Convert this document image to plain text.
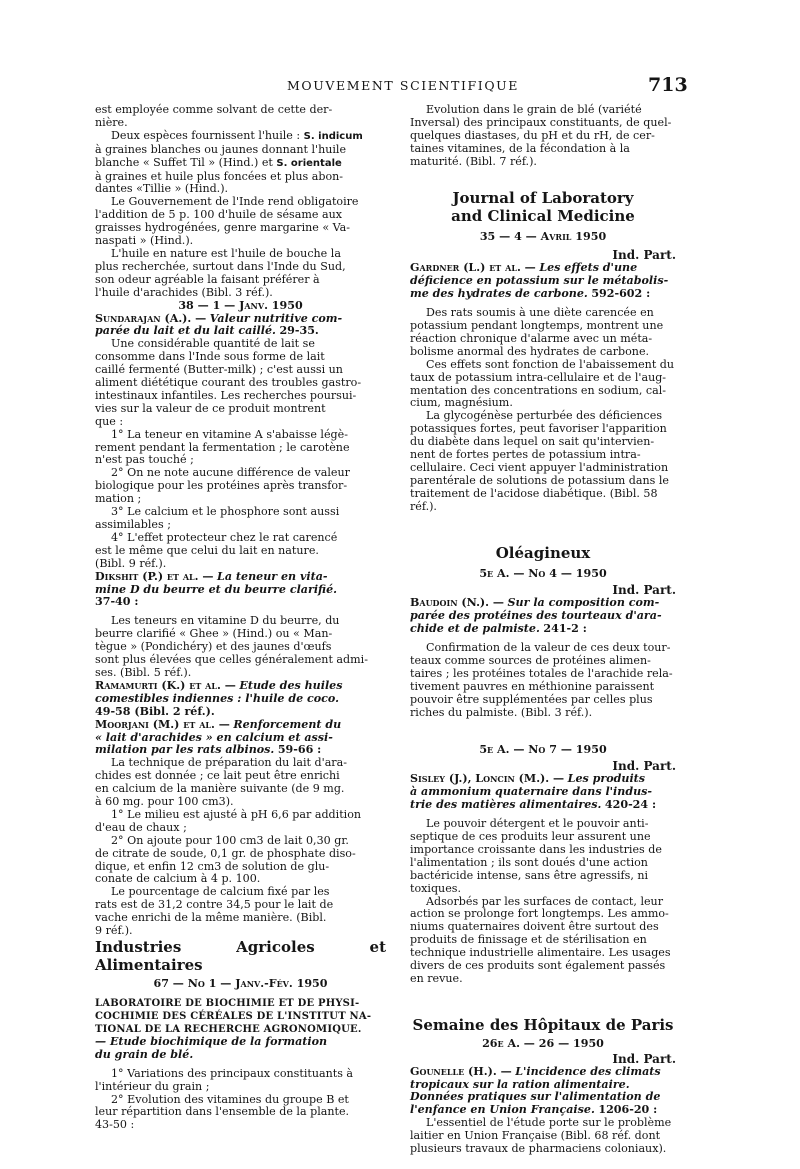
MOUVEMENT SCIENTIFIQUE	713

est employée comme solvant de cette der-

nière.

Deux espèces fournissent l'huile : S. indicum

à graines blanches ou jaunes donnant l'huile

blanche « Suffet Til » (Hind.) et S. orientale

à graines et huile plus foncées et plus abon-

dantes «Tillie » (Hind.).

Le Gouvernement de l'Inde rend obligatoire

l'addition de 5 p. 100 d'huile de sésame aux

graisses hydrogénées, genre margarine « Va-

naspati » (Hind.).

L'huile en nature est l'huile de bouche la

plus recherchée, surtout dans l'Inde du Sud,

son odeur agréable la faisant préférer à

l'huile d'arachides (Bibl. 3 réf.).

38 — 1 — Janv. 1950

Sundarajan (A.). — Valeur nutritive com-

parée du lait et du lait caillé. 29-35.

Une considérable quantité de lait se

consomme dans l'Inde sous forme de lait

caillé fermenté (Butter-milk) ; c'est aussi un

aliment diététique courant des troubles gastro-

intestinaux infantiles. Les recherches poursui-

vies sur la valeur de ce produit montrent

que :

1° La teneur en vitamine A s'abaisse légè-

rement pendant la fermentation ; le carotène

n'est pas touché ;

2° On ne note aucune différence de valeur

biologique pour les protéines après transfor-

mation ;

3° Le calcium et le phosphore sont aussi

assimilables ;

4° L'effet protecteur chez le rat carencé

est le même que celui du lait en nature.

(Bibl. 9 réf.).

Dikshit (P.) et al. — La teneur en vita-

mine D du beurre et du beurre clarifié.

37-40 :

Les teneurs en vitamine D du beurre, du

beurre clarifié « Ghee » (Hind.) ou « Man-

tègue » (Pondichéry) et des jaunes d'œufs

sont plus élevées que celles généralement admi-

ses. (Bibl. 5 réf.).

Ramamurti (K.) et al. — Etude des huiles

comestibles indiennes : l'huile de coco.

49-58 (Bibl. 2 réf.).

Moorjani (M.) et al. — Renforcement du

« lait d'arachides » en calcium et assi-

milation par les rats albinos. 59-66 :

La technique de préparation du lait d'ara-

chides est donnée ; ce lait peut être enrichi

en calcium de la manière suivante (de 9 mg.

à 60 mg. pour 100 cm3).

1° Le milieu est ajusté à pH 6,6 par addition

d'eau de chaux ;

2° On ajoute pour 100 cm3 de lait 0,30 gr.

de citrate de soude, 0,1 gr. de phosphate diso-

dique, et enfin 12 cm3 de solution de glu-

conate de calcium à 4 p. 100.

Le pourcentage de calcium fixé par les

rats est de 31,2 contre 34,5 pour le lait de

vache enrichi de la même manière. (Bibl.

9 réf.).

Industries Agricoles et Alimentaires

67 — No 1 — Janv.-Fév. 1950

LABORATOIRE DE BIOCHIMIE ET DE PHYSI-

COCHIMIE DES CÉRÉALES DE L'INSTITUT NA-

TIONAL DE LA RECHERCHE AGRONOMIQUE.

— Etude biochimique de la formation

du grain de blé.

1° Variations des principaux constituants à

l'intérieur du grain ;

2° Evolution des vitamines du groupe B et

leur répartition dans l'ensemble de la plante.

43-50 :

Evolution dans le grain de blé (variété

Inversal) des principaux constituants, de quel-

quelques diastases, du pH et du rH, de cer-

taines vitamines, de la fécondation à la

maturité. (Bibl. 7 réf.).

Journal of Laboratory

and Clinical Medicine

35 — 4 — Avril 1950

Ind. Part.

Gardner (L.) et al. — Les effets d'une

déficience en potassium sur le métabolis-

me des hydrates de carbone. 592-602 :

Des rats soumis à une diète carencée en

potassium pendant longtemps, montrent une

réaction chronique d'alarme avec un méta-

bolisme anormal des hydrates de carbone.

Ces effets sont fonction de l'abaissement du

taux de potassium intra-cellulaire et de l'aug-

mentation des concentrations en sodium, cal-

cium, magnésium.

La glycogénèse perturbée des déficiences

potassiques fortes, peut favoriser l'apparition

du diabète dans lequel on sait qu'intervien-

nent de fortes pertes de potassium intra-

cellulaire. Ceci vient appuyer l'administration

parentérale de solutions de potassium dans le

traitement de l'acidose diabétique. (Bibl. 58

réf.).

Oléagineux

5e A. — No 4 — 1950

Ind. Part.

Baudoin (N.). — Sur la composition com-

parée des protéines des tourteaux d'ara-

chide et de palmiste. 241-2 :

Confirmation de la valeur de ces deux tour-

teaux comme sources de protéines alimen-

taires ; les protéines totales de l'arachide rela-

tivement pauvres en méthionine paraissent

pouvoir être supplémentées par celles plus

riches du palmiste. (Bibl. 3 réf.).

5e A. — No 7 — 1950

Ind. Part.

Sisley (J.), Loncin (M.). — Les produits

à ammonium quaternaire dans l'indus-

trie des matières alimentaires. 420-24 :

Le pouvoir détergent et le pouvoir anti-

septique de ces produits leur assurent une

importance croissante dans les industries de

l'alimentation ; ils sont doués d'une action

bactéricide intense, sans être agressifs, ni

toxiques.

Adsorbés par les surfaces de contact, leur

action se prolonge fort longtemps. Les ammo-

niums quaternaires doivent être surtout des

produits de finissage et de stérilisation en

technique industrielle alimentaire. Les usages

divers de ces produits sont également passés

en revue.

Semaine des Hôpitaux de Paris

26e A. — 26 — 1950

Ind. Part.

Gounelle (H.). — L'incidence des climats

tropicaux sur la ration alimentaire.

Données pratiques sur l'alimentation de

l'enfance en Union Française. 1206-20 :

L'essentiel de l'étude porte sur le problème

laitier en Union Française (Bibl. 68 réf. dont

plusieurs travaux de pharmaciens coloniaux).
